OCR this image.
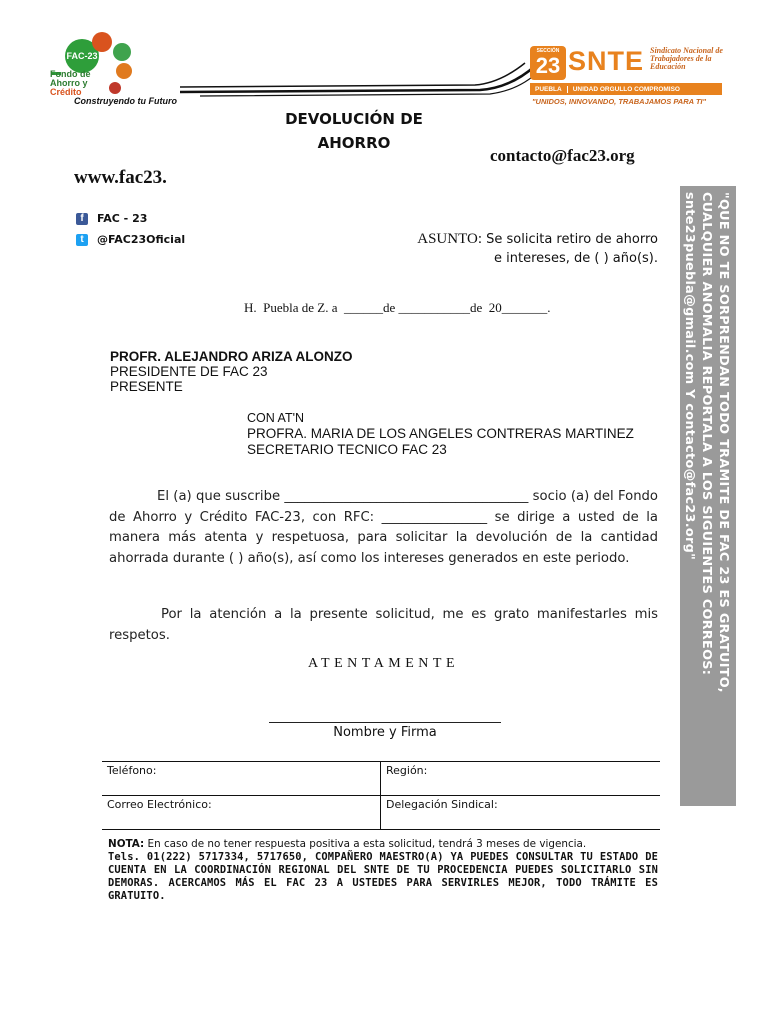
FAC-23
Fondo de
Ahorro y
Crédito
Construyendo tu Futuro
SECCIÓN
23 SNTE Sindicato Nacional de Trabajadores de la Educación
PUEBLA	UNIDAD ORGULLO COMPROMISO
"UNIDOS, INNOVANDO, TRABAJAMOS PARA TI"
DEVOLUCIÓN DE
AHORRO
contacto@fac23.org
www.fac23.
f	FAC - 23
t	@FAC23Oficial	ASUNTO: Se solicita retiro de ahorro
e intereses, de ( ) año(s).
H.  Puebla de Z. a  ______de ___________de  20_______.
PROFR. ALEJANDRO ARIZA ALONZO
PRESIDENTE DE FAC 23
PRESENTE
CON AT'N
PROFRA. MARIA DE LOS ANGELES CONTRERAS MARTINEZ
SECRETARIO TECNICO FAC 23
El (a) que suscribe _____________________________________ socio (a) del Fondo de Ahorro y Crédito FAC-23, con RFC: ________________ se dirige a usted de la manera más atenta y respetuosa, para solicitar la devolución de la cantidad ahorrada durante ( ) año(s), así como los intereses generados en este periodo.
Por la atención a la presente solicitud, me es grato manifestarles mis respetos.
ATENTAMENTE
Nombre y Firma
Teléfono:	Región:
Correo Electrónico:	Delegación Sindical:
NOTA: En caso de no tener respuesta positiva a esta solicitud, tendrá 3 meses de vigencia.
Tels. 01(222) 5717334, 5717650, COMPAÑERO MAESTRO(A) YA PUEDES CONSULTAR TU ESTADO DE CUENTA EN LA COORDINACIÓN REGIONAL DEL SNTE DE TU PROCEDENCIA PUEDES SOLICITARLO SIN DEMORAS. ACERCAMOS MÁS EL FAC 23 A USTEDES PARA SERVIRLES MEJOR, TODO TRÁMITE ES GRATUITO.
"QUE NO TE SORPRENDAN TODO TRAMITE DE FAC 23 ES GRATUITO,
CUALQUIER ANOMALIA REPORTALA A LOS SIGUIENTES CORREOS:
snte23puebla@gmail.com Y contacto@fac23.org"
